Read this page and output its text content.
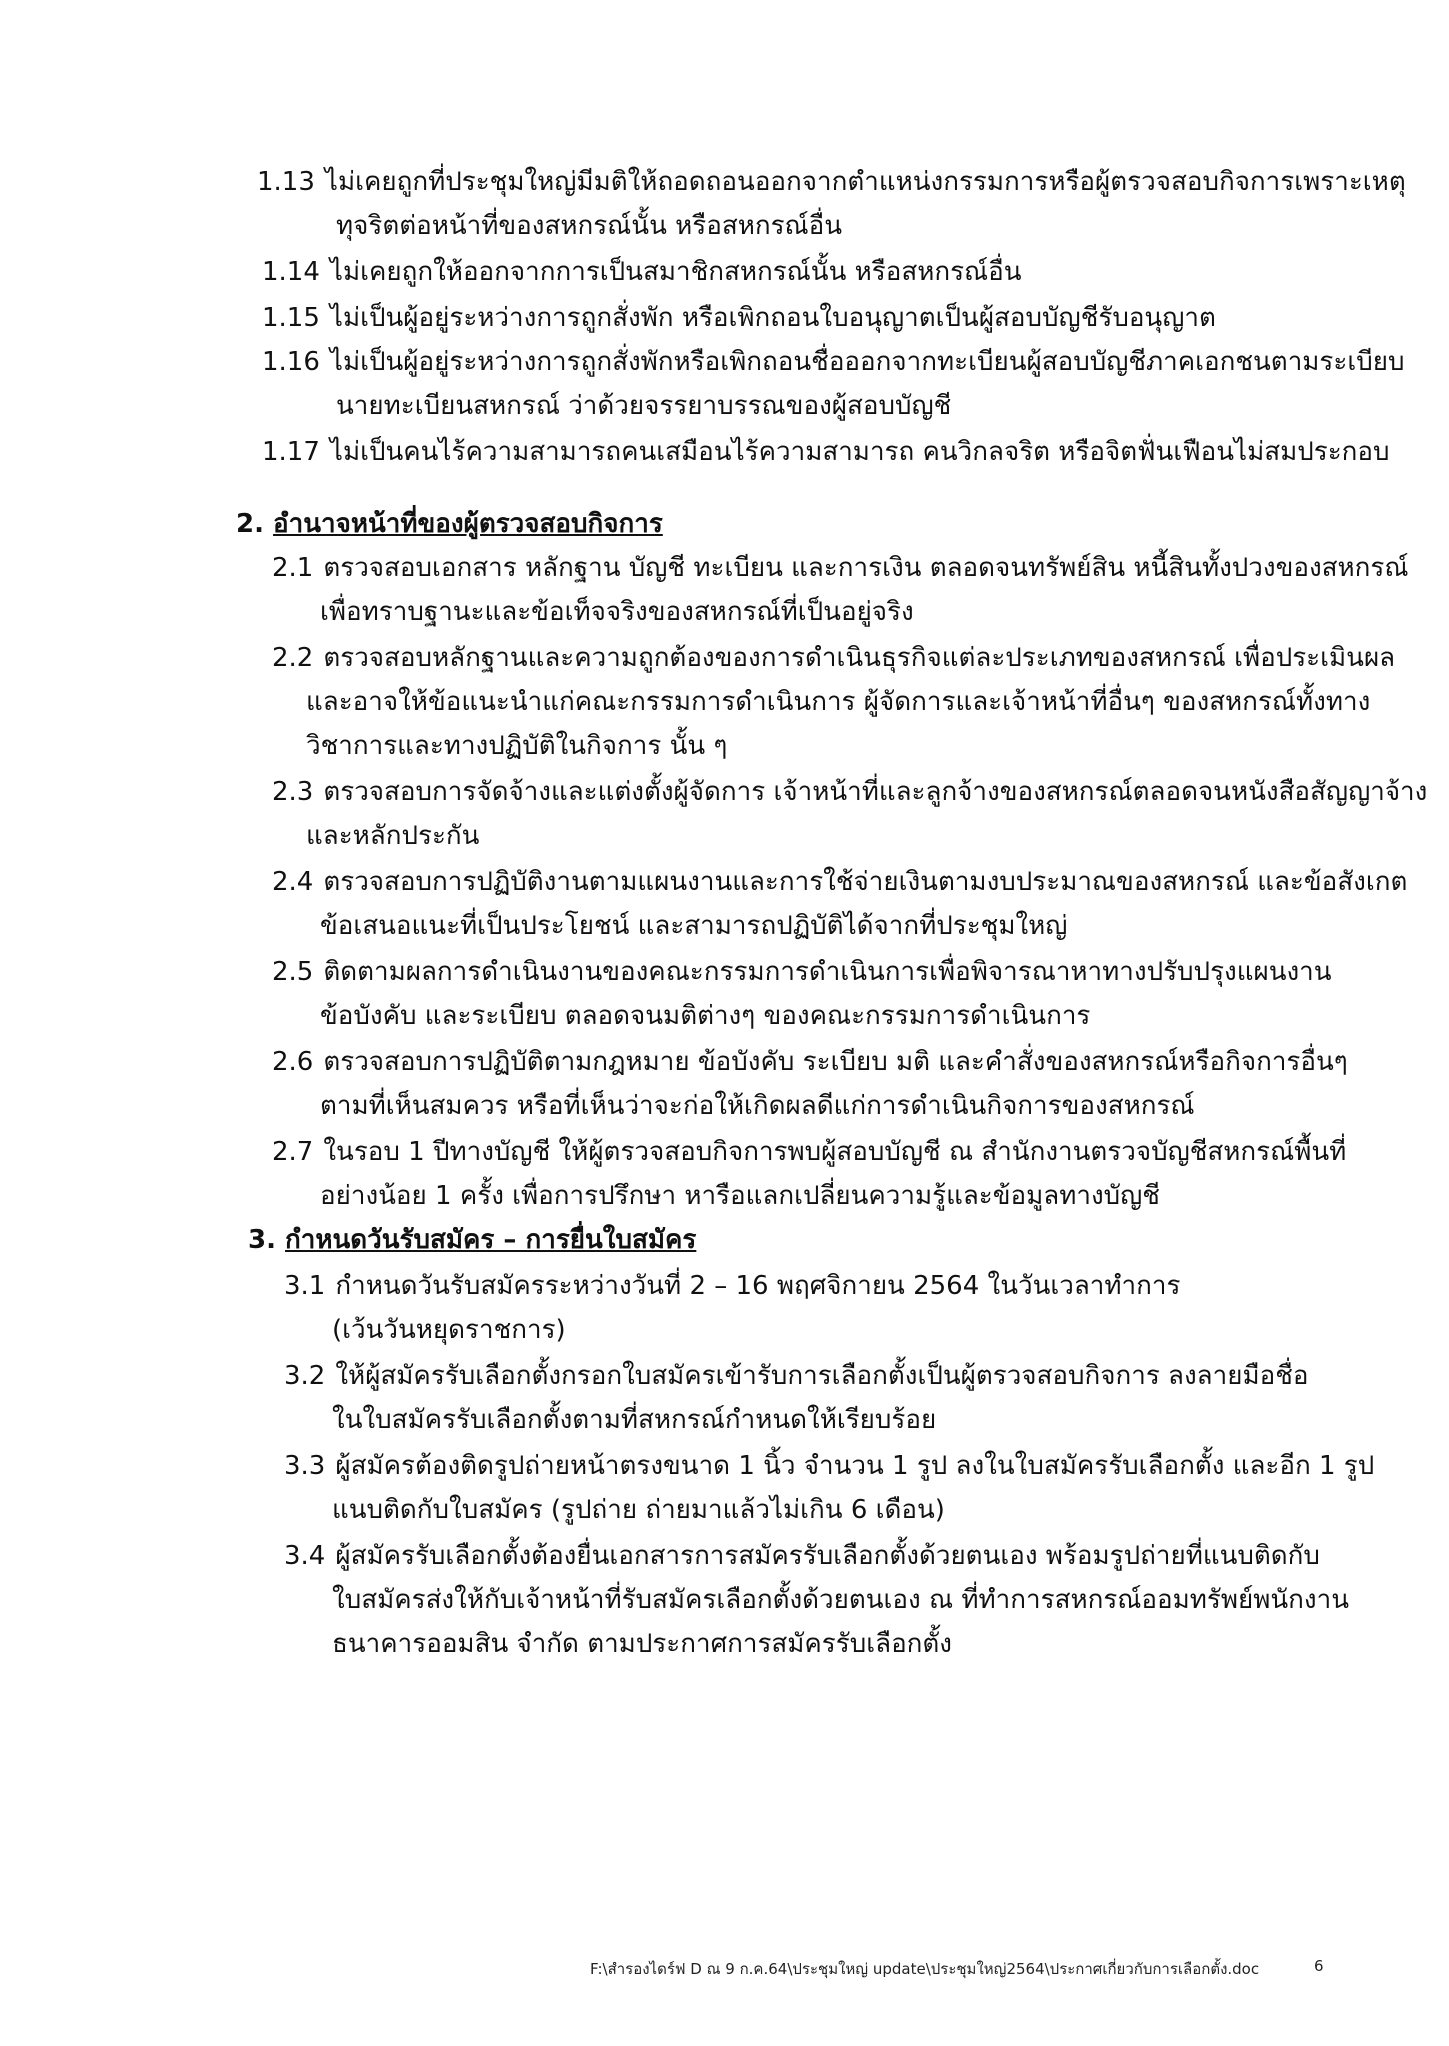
1.13 ไม่เคยถูกที่ประชุมใหญ่มีมติให้ถอดถอนออกจากตำแหน่งกรรมการหรือผู้ตรวจสอบกิจการเพราะเหตุ
ทุจริตต่อหน้าที่ของสหกรณ์นั้น หรือสหกรณ์อื่น
1.14 ไม่เคยถูกให้ออกจากการเป็นสมาชิกสหกรณ์นั้น หรือสหกรณ์อื่น
1.15 ไม่เป็นผู้อยู่ระหว่างการถูกสั่งพัก หรือเพิกถอนใบอนุญาตเป็นผู้สอบบัญชีรับอนุญาต
1.16 ไม่เป็นผู้อยู่ระหว่างการถูกสั่งพักหรือเพิกถอนชื่อออกจากทะเบียนผู้สอบบัญชีภาคเอกชนตามระเบียบ
นายทะเบียนสหกรณ์ ว่าด้วยจรรยาบรรณของผู้สอบบัญชี
1.17 ไม่เป็นคนไร้ความสามารถคนเสมือนไร้ความสามารถ คนวิกลจริต หรือจิตฟั่นเฟือนไม่สมประกอบ
2. อำนาจหน้าที่ของผู้ตรวจสอบกิจการ
2.1 ตรวจสอบเอกสาร หลักฐาน บัญชี ทะเบียน และการเงิน ตลอดจนทรัพย์สิน หนี้สินทั้งปวงของสหกรณ์
เพื่อทราบฐานะและข้อเท็จจริงของสหกรณ์ที่เป็นอยู่จริง
2.2 ตรวจสอบหลักฐานและความถูกต้องของการดำเนินธุรกิจแต่ละประเภทของสหกรณ์ เพื่อประเมินผล
และอาจให้ข้อแนะนำแก่คณะกรรมการดำเนินการ ผู้จัดการและเจ้าหน้าที่อื่นๆ ของสหกรณ์ทั้งทาง
วิชาการและทางปฏิบัติในกิจการ นั้น ๆ
2.3 ตรวจสอบการจัดจ้างและแต่งตั้งผู้จัดการ เจ้าหน้าที่และลูกจ้างของสหกรณ์ตลอดจนหนังสือสัญญาจ้าง
และหลักประกัน
2.4 ตรวจสอบการปฏิบัติงานตามแผนงานและการใช้จ่ายเงินตามงบประมาณของสหกรณ์ และข้อสังเกต
ข้อเสนอแนะที่เป็นประโยชน์ และสามารถปฏิบัติได้จากที่ประชุมใหญ่
2.5 ติดตามผลการดำเนินงานของคณะกรรมการดำเนินการเพื่อพิจารณาหาทางปรับปรุงแผนงาน
ข้อบังคับ และระเบียบ ตลอดจนมติต่างๆ ของคณะกรรมการดำเนินการ
2.6 ตรวจสอบการปฏิบัติตามกฎหมาย ข้อบังคับ ระเบียบ มติ และคำสั่งของสหกรณ์หรือกิจการอื่นๆ
ตามที่เห็นสมควร หรือที่เห็นว่าจะก่อให้เกิดผลดีแก่การดำเนินกิจการของสหกรณ์
2.7 ในรอบ 1 ปีทางบัญชี ให้ผู้ตรวจสอบกิจการพบผู้สอบบัญชี ณ สำนักงานตรวจบัญชีสหกรณ์พื้นที่
อย่างน้อย 1 ครั้ง เพื่อการปรึกษา หารือแลกเปลี่ยนความรู้และข้อมูลทางบัญชี
3. กำหนดวันรับสมัคร – การยื่นใบสมัคร
3.1 กำหนดวันรับสมัครระหว่างวันที่ 2 – 16 พฤศจิกายน 2564 ในวันเวลาทำการ
(เว้นวันหยุดราชการ)
3.2 ให้ผู้สมัครรับเลือกตั้งกรอกใบสมัครเข้ารับการเลือกตั้งเป็นผู้ตรวจสอบกิจการ ลงลายมือชื่อ
ในใบสมัครรับเลือกตั้งตามที่สหกรณ์กำหนดให้เรียบร้อย
3.3 ผู้สมัครต้องติดรูปถ่ายหน้าตรงขนาด 1 นิ้ว จำนวน 1 รูป ลงในใบสมัครรับเลือกตั้ง และอีก 1 รูป
แนบติดกับใบสมัคร (รูปถ่าย ถ่ายมาแล้วไม่เกิน 6 เดือน)
3.4 ผู้สมัครรับเลือกตั้งต้องยื่นเอกสารการสมัครรับเลือกตั้งด้วยตนเอง พร้อมรูปถ่ายที่แนบติดกับ
ใบสมัครส่งให้กับเจ้าหน้าที่รับสมัครเลือกตั้งด้วยตนเอง ณ ที่ทำการสหกรณ์ออมทรัพย์พนักงาน
ธนาคารออมสิน จำกัด ตามประกาศการสมัครรับเลือกตั้ง
F:\สำรองไดร์ฟ D ณ 9 ก.ค.64\ประชุมใหญ่ update\ประชุมใหญ่2564\ประกาศเกี่ยวกับการเลือกตั้ง.doc	6
